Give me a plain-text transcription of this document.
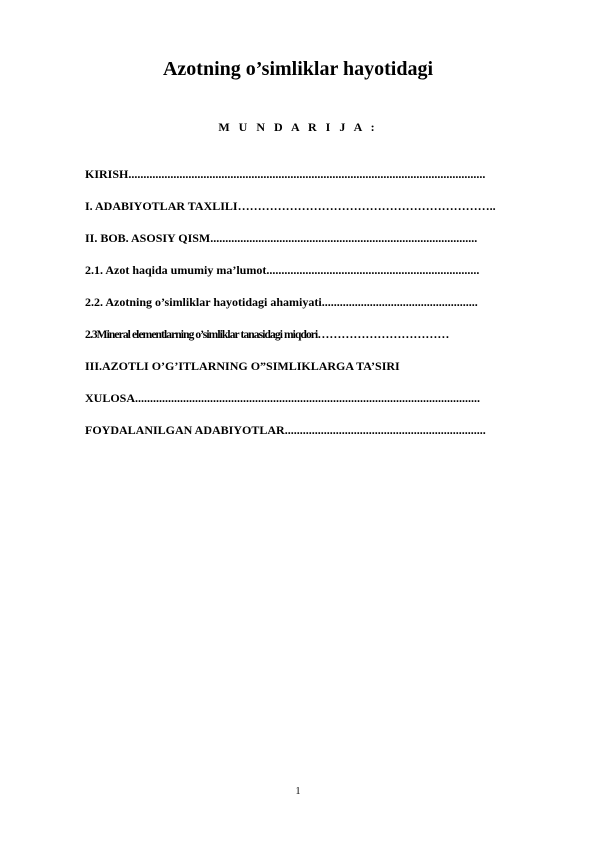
Azotning o’simliklar hayotidagi
M U N D A R I J A :
KIRISH.......................................................................................................................
I. ADABIYOTLAR TAXLILI………………………………………………………..
II. BOB. ASOSIY QISM.........................................................................................
2.1. Azot haqida umumiy ma’lumot.......................................................................
2.2. Azotning o’simliklar hayotidagi ahamiyati....................................................
2.3Mineral elementlarning o’simliklar tanasidagi miqdori……………………………
III.AZOTLI O’G’ITLARNING O”SIMLIKLARGA TA’SIRI
XULOSA...................................................................................................................
FOYDALANILGAN ADABIYOTLAR...................................................................
1
